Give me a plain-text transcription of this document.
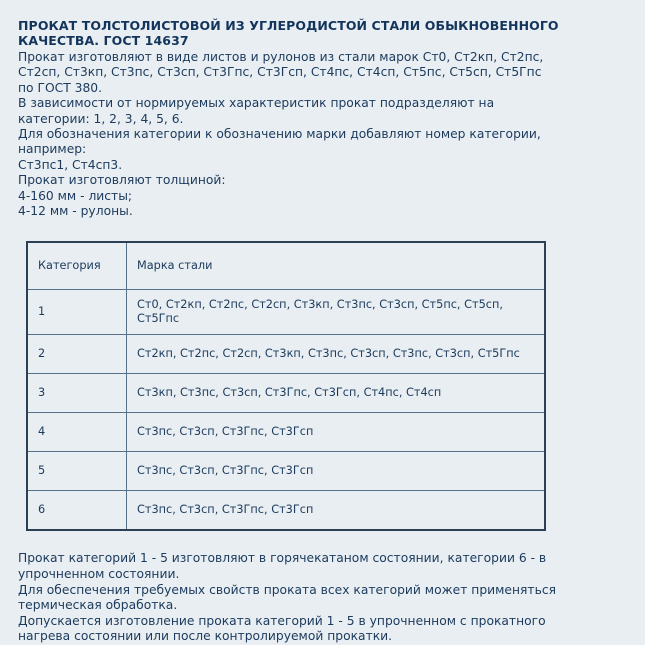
ПРОКАТ ТОЛСТОЛИСТОВОЙ ИЗ УГЛЕРОДИСТОЙ СТАЛИ ОБЫКНОВЕННОГО
КАЧЕСТВА. ГОСТ 14637
Прокат изготовляют в виде листов и рулонов из стали марок Ст0, Ст2кп, Ст2пс,
Ст2сп, Ст3кп, Ст3пс, Ст3сп, Ст3Гпс, Ст3Гсп, Ст4пс, Ст4сп, Ст5пс, Ст5сп, Ст5Гпс
по ГОСТ 380.
В зависимости от нормируемых характеристик прокат подразделяют на
категории: 1, 2, 3, 4, 5, 6.
Для обозначения категории к обозначению марки добавляют номер категории,
например:
Ст3пс1, Ст4сп3.
Прокат изготовляют толщиной:
4-160 мм - листы;
4-12 мм - рулоны.
Категория	Марка стали
1	Ст0, Ст2кп, Ст2пс, Ст2сп, Ст3кп, Ст3пс, Ст3сп, Ст5пс, Ст5сп, Ст5Гпс
2	Ст2кп, Ст2пс, Ст2сп, Ст3кп, Ст3пс, Ст3сп, Ст3пс, Ст3сп, Ст5Гпс
3	Ст3кп, Ст3пс, Ст3сп, Ст3Гпс, Ст3Гсп, Ст4пс, Ст4сп
4	Ст3пс, Ст3сп, Ст3Гпс, Ст3Гсп
5	Ст3пс, Ст3сп, Ст3Гпс, Ст3Гсп
6	Ст3пс, Ст3сп, Ст3Гпс, Ст3Гсп
Прокат категорий 1 - 5 изготовляют в горячекатаном состоянии, категории 6 - в
упрочненном состоянии.
Для обеспечения требуемых свойств проката всех категорий может применяться
термическая обработка.
Допускается изготовление проката категорий 1 - 5 в упрочненном с прокатного
нагрева состоянии или после контролируемой прокатки.
